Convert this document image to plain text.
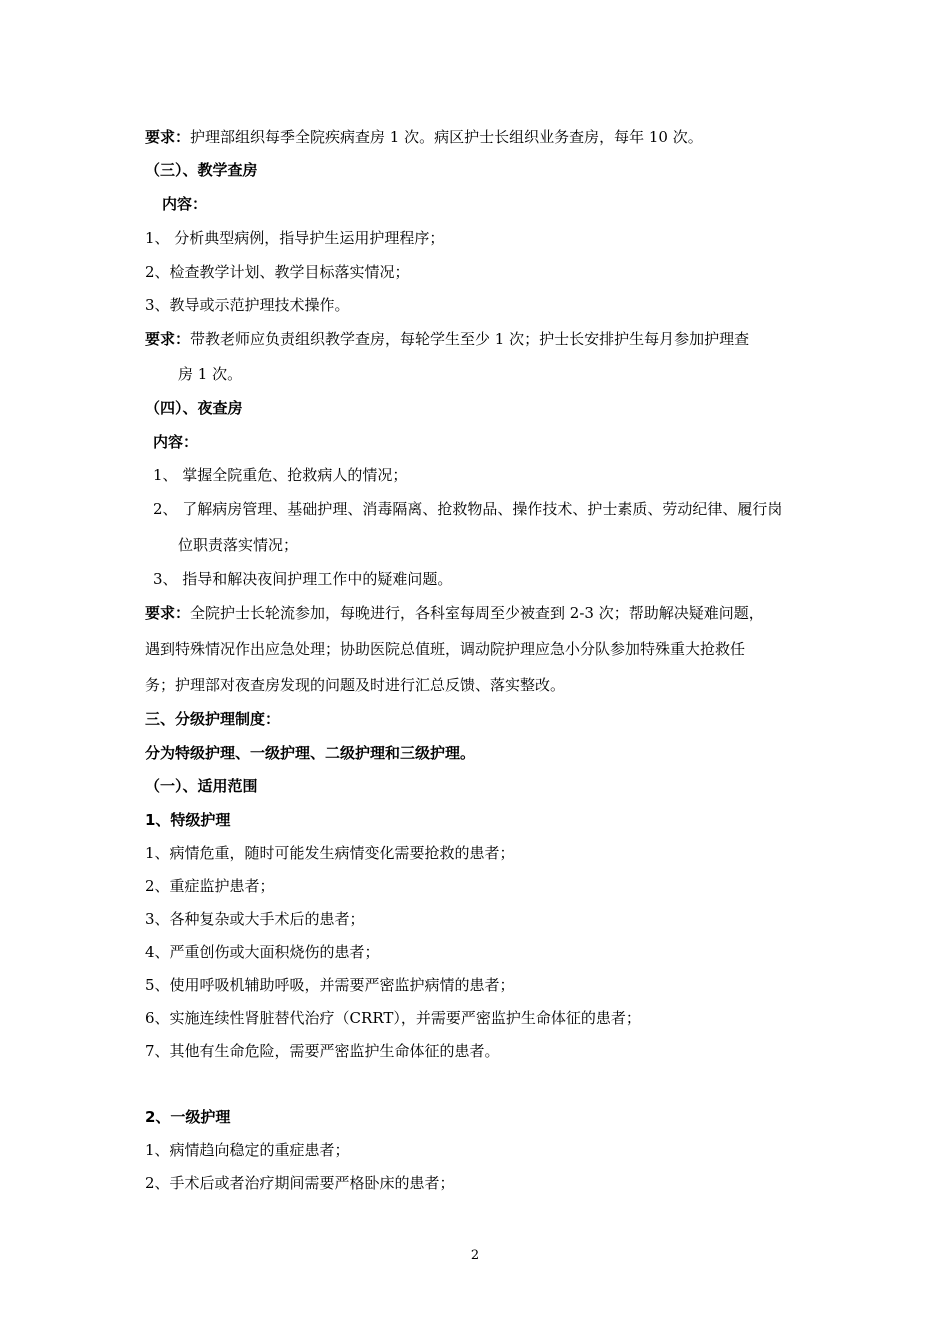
要求：护理部组织每季全院疾病查房 1 次。病区护士长组织业务查房，每年 10 次。
（三）、教学查房
内容：
1、 分析典型病例，指导护生运用护理程序；
2、检查教学计划、教学目标落实情况；
3、教导或示范护理技术操作。
要求：带教老师应负责组织教学查房，每轮学生至少 1 次；护士长安排护生每月参加护理查
房 1 次。
（四）、夜查房
内容：
1、 掌握全院重危、抢救病人的情况；
2、 了解病房管理、基础护理、消毒隔离、抢救物品、操作技术、护士素质、劳动纪律、履行岗
位职责落实情况；
3、 指导和解决夜间护理工作中的疑难问题。
要求：全院护士长轮流参加，每晚进行，各科室每周至少被查到 2-3 次；帮助解决疑难问题，
遇到特殊情况作出应急处理；协助医院总值班，调动院护理应急小分队参加特殊重大抢救任
务；护理部对夜查房发现的问题及时进行汇总反馈、落实整改。
三、分级护理制度：
分为特级护理、一级护理、二级护理和三级护理。
（一）、适用范围
1、特级护理
1、病情危重，随时可能发生病情变化需要抢救的患者；
2、重症监护患者；
3、各种复杂或大手术后的患者；
4、严重创伤或大面积烧伤的患者；
5、使用呼吸机辅助呼吸，并需要严密监护病情的患者；
6、实施连续性肾脏替代治疗（CRRT），并需要严密监护生命体征的患者；
7、其他有生命危险，需要严密监护生命体征的患者。
2、一级护理
1、病情趋向稳定的重症患者；
2、手术后或者治疗期间需要严格卧床的患者；
2
